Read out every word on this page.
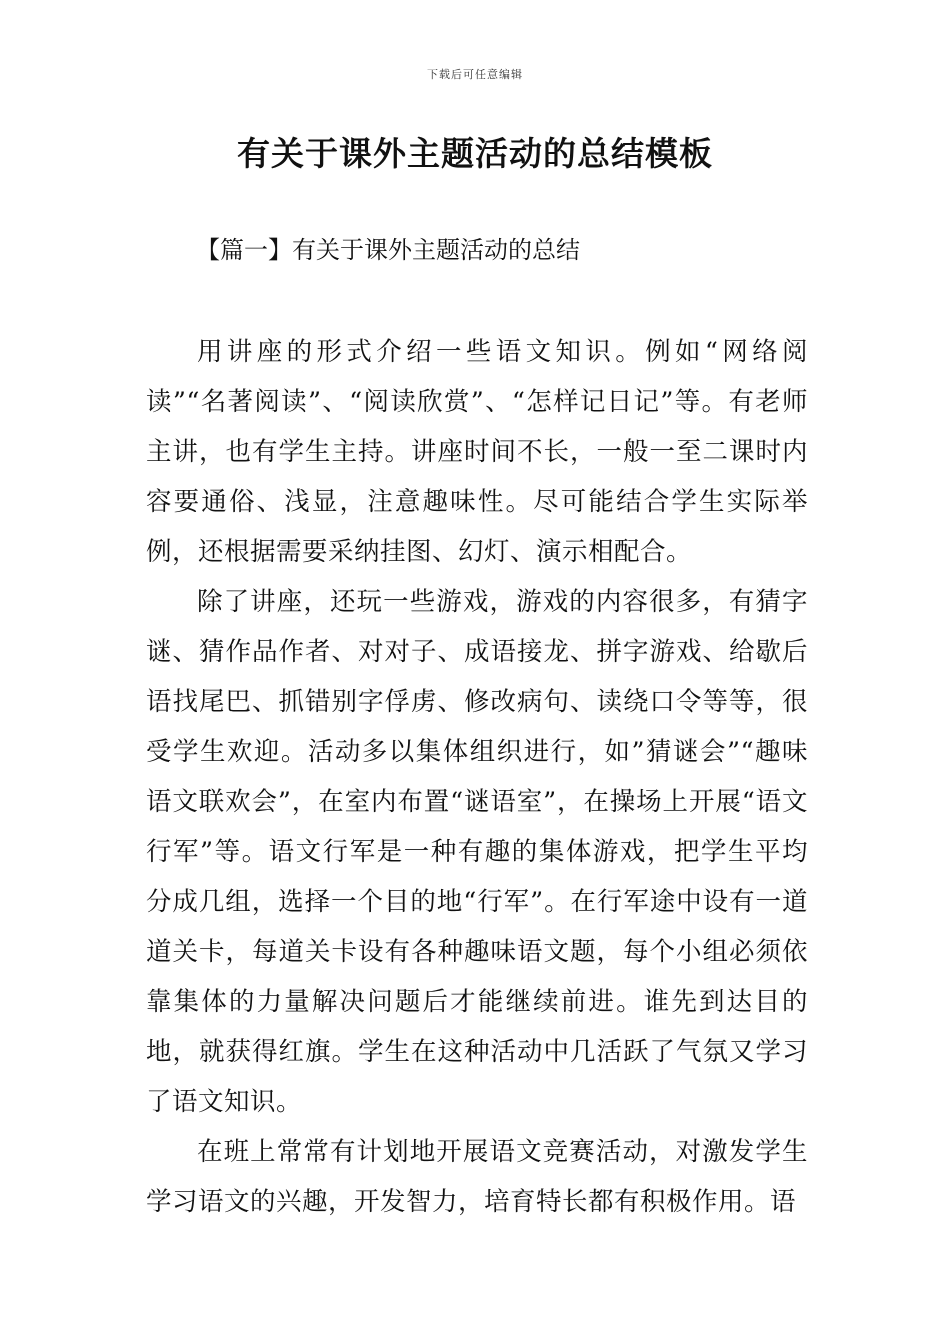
下载后可任意编辑
有关于课外主题活动的总结模板
【篇一】有关于课外主题活动的总结

用讲座的形式介绍一些语文知识。例如“网络阅读”“名著阅读”、“阅读欣赏”、“怎样记日记”等。有老师主讲，也有学生主持。讲座时间不长，一般一至二课时内容要通俗、浅显，注意趣味性。尽可能结合学生实际举例，还根据需要采纳挂图、幻灯、演示相配合。

除了讲座，还玩一些游戏，游戏的内容很多，有猜字谜、猜作品作者、对对子、成语接龙、拼字游戏、给歇后语找尾巴、抓错别字俘虏、修改病句、读绕口令等等，很受学生欢迎。活动多以集体组织进行，如”猜谜会”“趣味语文联欢会”，在室内布置“谜语室”，在操场上开展“语文行军”等。语文行军是一种有趣的集体游戏，把学生平均分成几组，选择一个目的地“行军”。在行军途中设有一道道关卡，每道关卡设有各种趣味语文题，每个小组必须依靠集体的力量解决问题后才能继续前进。谁先到达目的地，就获得红旗。学生在这种活动中几活跃了气氛又学习了语文知识。

在班上常常有计划地开展语文竞赛活动，对激发学生学习语文的兴趣，开发智力，培育特长都有积极作用。语
